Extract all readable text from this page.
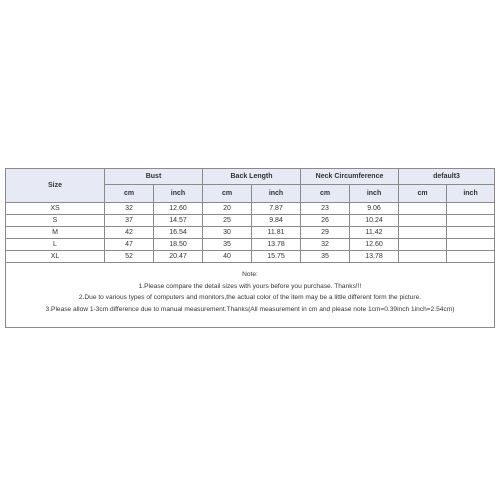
Size	Bust		Back Length		Neck Circumference		default3	
	cm	inch	cm	inch	cm	inch	cm	inch
XS	32	12.60	20	7.87	23	9.06		
S	37	14.57	25	9.84	26	10.24		
M	42	16.54	30	11.81	29	11.42		
L	47	18.50	35	13.78	32	12.60		
XL	52	20.47	40	15.75	35	13.78		

Note:
1.Please compare the detail sizes with yours before you purchase. Thanks!!!
2.Due to various types of computers and monitors,the actual color of the item may be a little different form the picture.
3.Please allow 1-3cm difference due to manual measurement.Thanks(All measurement in cm and please note 1cm=0.39inch 1inch=2.54cm)								
